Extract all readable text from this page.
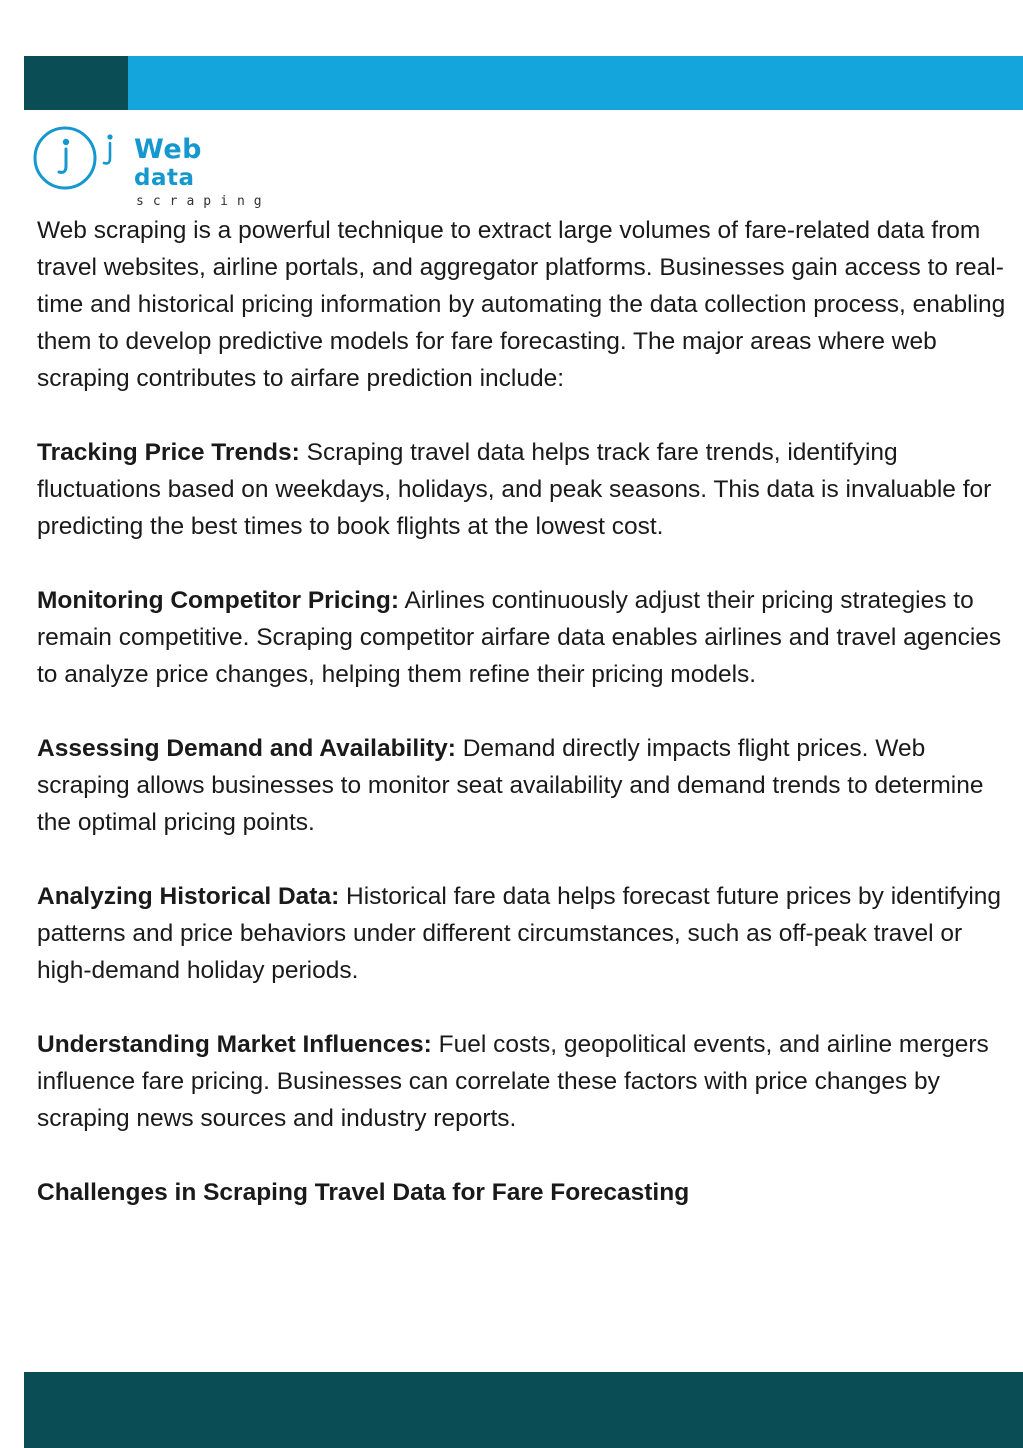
Web data
scraping

Web scraping is a powerful technique to extract large volumes of fare-related data from travel websites, airline portals, and aggregator platforms. Businesses gain access to real-time and historical pricing information by automating the data collection process, enabling them to develop predictive models for fare forecasting. The major areas where web scraping contributes to airfare prediction include:

Tracking Price Trends: Scraping travel data helps track fare trends, identifying fluctuations based on weekdays, holidays, and peak seasons. This data is invaluable for predicting the best times to book flights at the lowest cost.

Monitoring Competitor Pricing: Airlines continuously adjust their pricing strategies to remain competitive. Scraping competitor airfare data enables airlines and travel agencies to analyze price changes, helping them refine their pricing models.

Assessing Demand and Availability: Demand directly impacts flight prices. Web scraping allows businesses to monitor seat availability and demand trends to determine the optimal pricing points.

Analyzing Historical Data: Historical fare data helps forecast future prices by identifying patterns and price behaviors under different circumstances, such as off-peak travel or high-demand holiday periods.

Understanding Market Influences: Fuel costs, geopolitical events, and airline mergers influence fare pricing. Businesses can correlate these factors with price changes by scraping news sources and industry reports.

Challenges in Scraping Travel Data for Fare Forecasting
